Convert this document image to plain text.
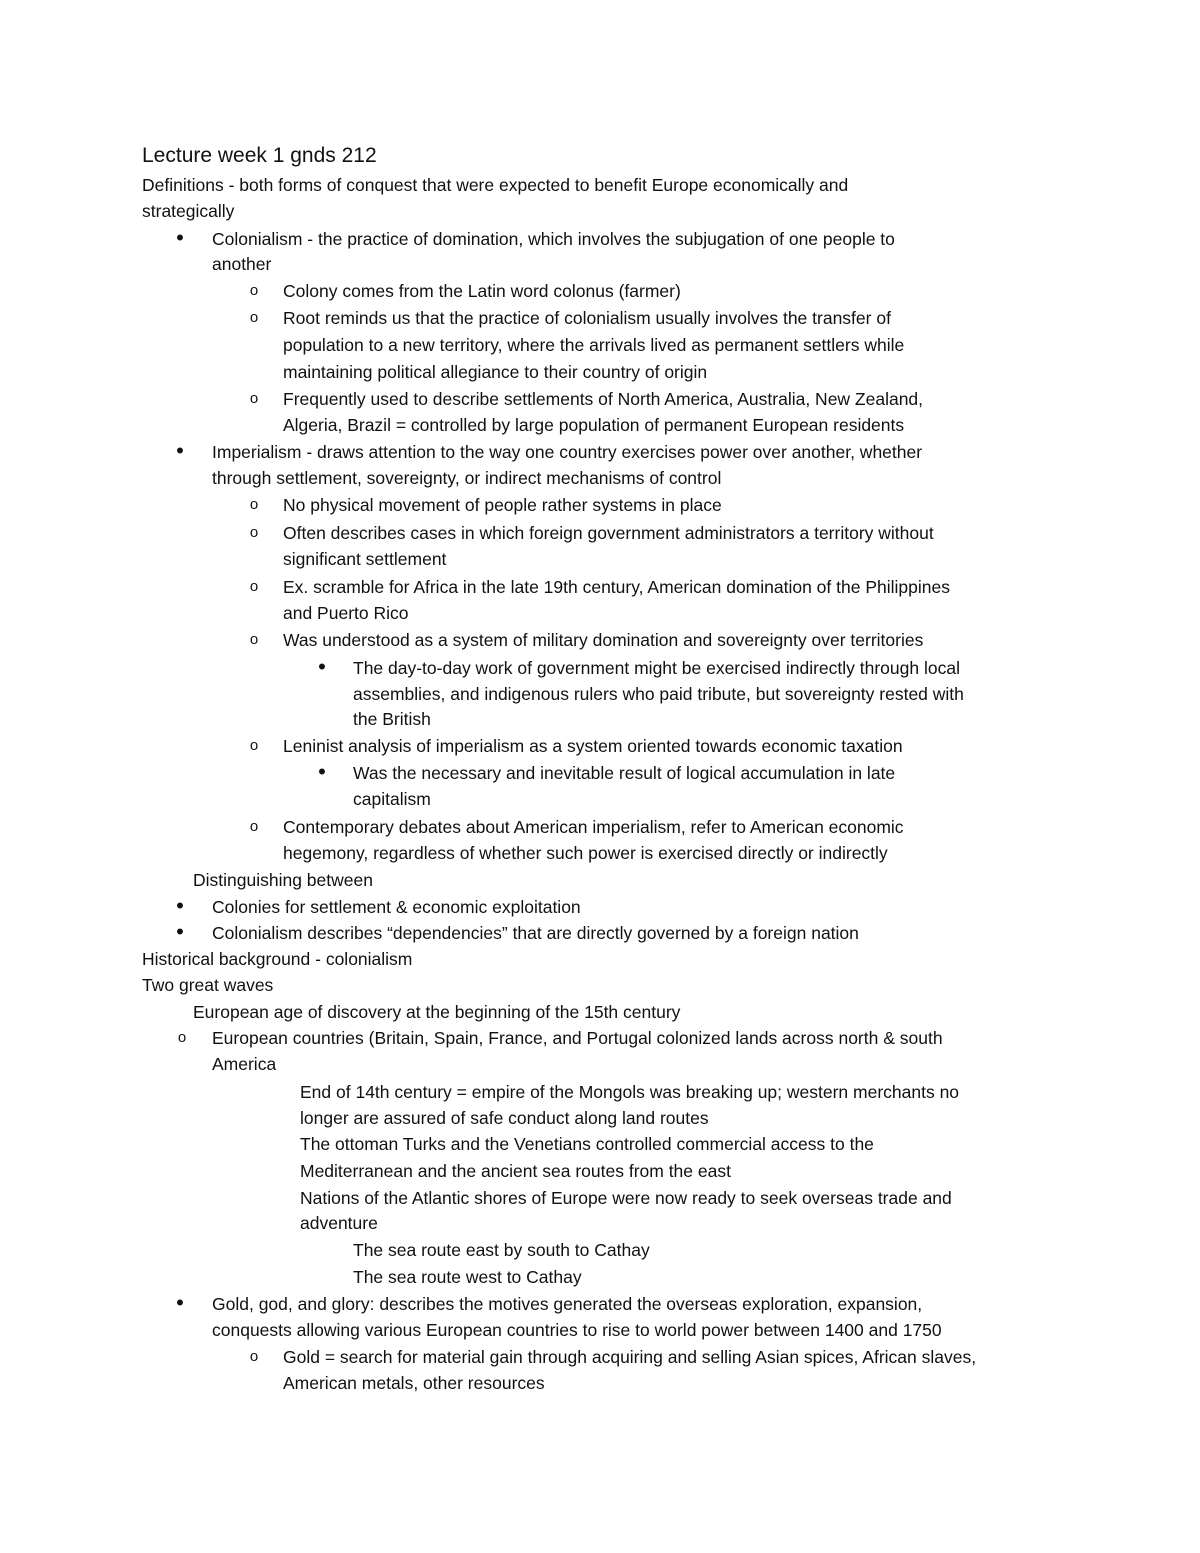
Lecture week 1 gnds 212
Definitions - both forms of conquest that were expected to benefit Europe economically and
strategically
•	Colonialism - the practice of domination, which involves the subjugation of one people to
another
o	Colony comes from the Latin word colonus (farmer)
o	Root reminds us that the practice of colonialism usually involves the transfer of
population to a new territory, where the arrivals lived as permanent settlers while
maintaining political allegiance to their country of origin
o	Frequently used to describe settlements of North America, Australia, New Zealand,
Algeria, Brazil = controlled by large population of permanent European residents
•	Imperialism - draws attention to the way one country exercises power over another, whether
through settlement, sovereignty, or indirect mechanisms of control
o	No physical movement of people rather systems in place
o	Often describes cases in which foreign government administrators a territory without
significant settlement
o	Ex. scramble for Africa in the late 19th century, American domination of the Philippines
and Puerto Rico
o	Was understood as a system of military domination and sovereignty over territories
•	The day-to-day work of government might be exercised indirectly through local
assemblies, and indigenous rulers who paid tribute, but sovereignty rested with
the British
o	Leninist analysis of imperialism as a system oriented towards economic taxation
•	Was the necessary and inevitable result of logical accumulation in late
capitalism
o	Contemporary debates about American imperialism, refer to American economic
hegemony, regardless of whether such power is exercised directly or indirectly
Distinguishing between
•	Colonies for settlement & economic exploitation
•	Colonialism describes “dependencies” that are directly governed by a foreign nation
Historical background - colonialism
Two great waves
European age of discovery at the beginning of the 15th century
o	European countries (Britain, Spain, France, and Portugal colonized lands across north & south
America
End of 14th century = empire of the Mongols was breaking up; western merchants no
longer are assured of safe conduct along land routes
The ottoman Turks and the Venetians controlled commercial access to the
Mediterranean and the ancient sea routes from the east
Nations of the Atlantic shores of Europe were now ready to seek overseas trade and
adventure
The sea route east by south to Cathay
The sea route west to Cathay
•	Gold, god, and glory: describes the motives generated the overseas exploration, expansion,
conquests allowing various European countries to rise to world power between 1400 and 1750
o	Gold = search for material gain through acquiring and selling Asian spices, African slaves,
American metals, other resources
